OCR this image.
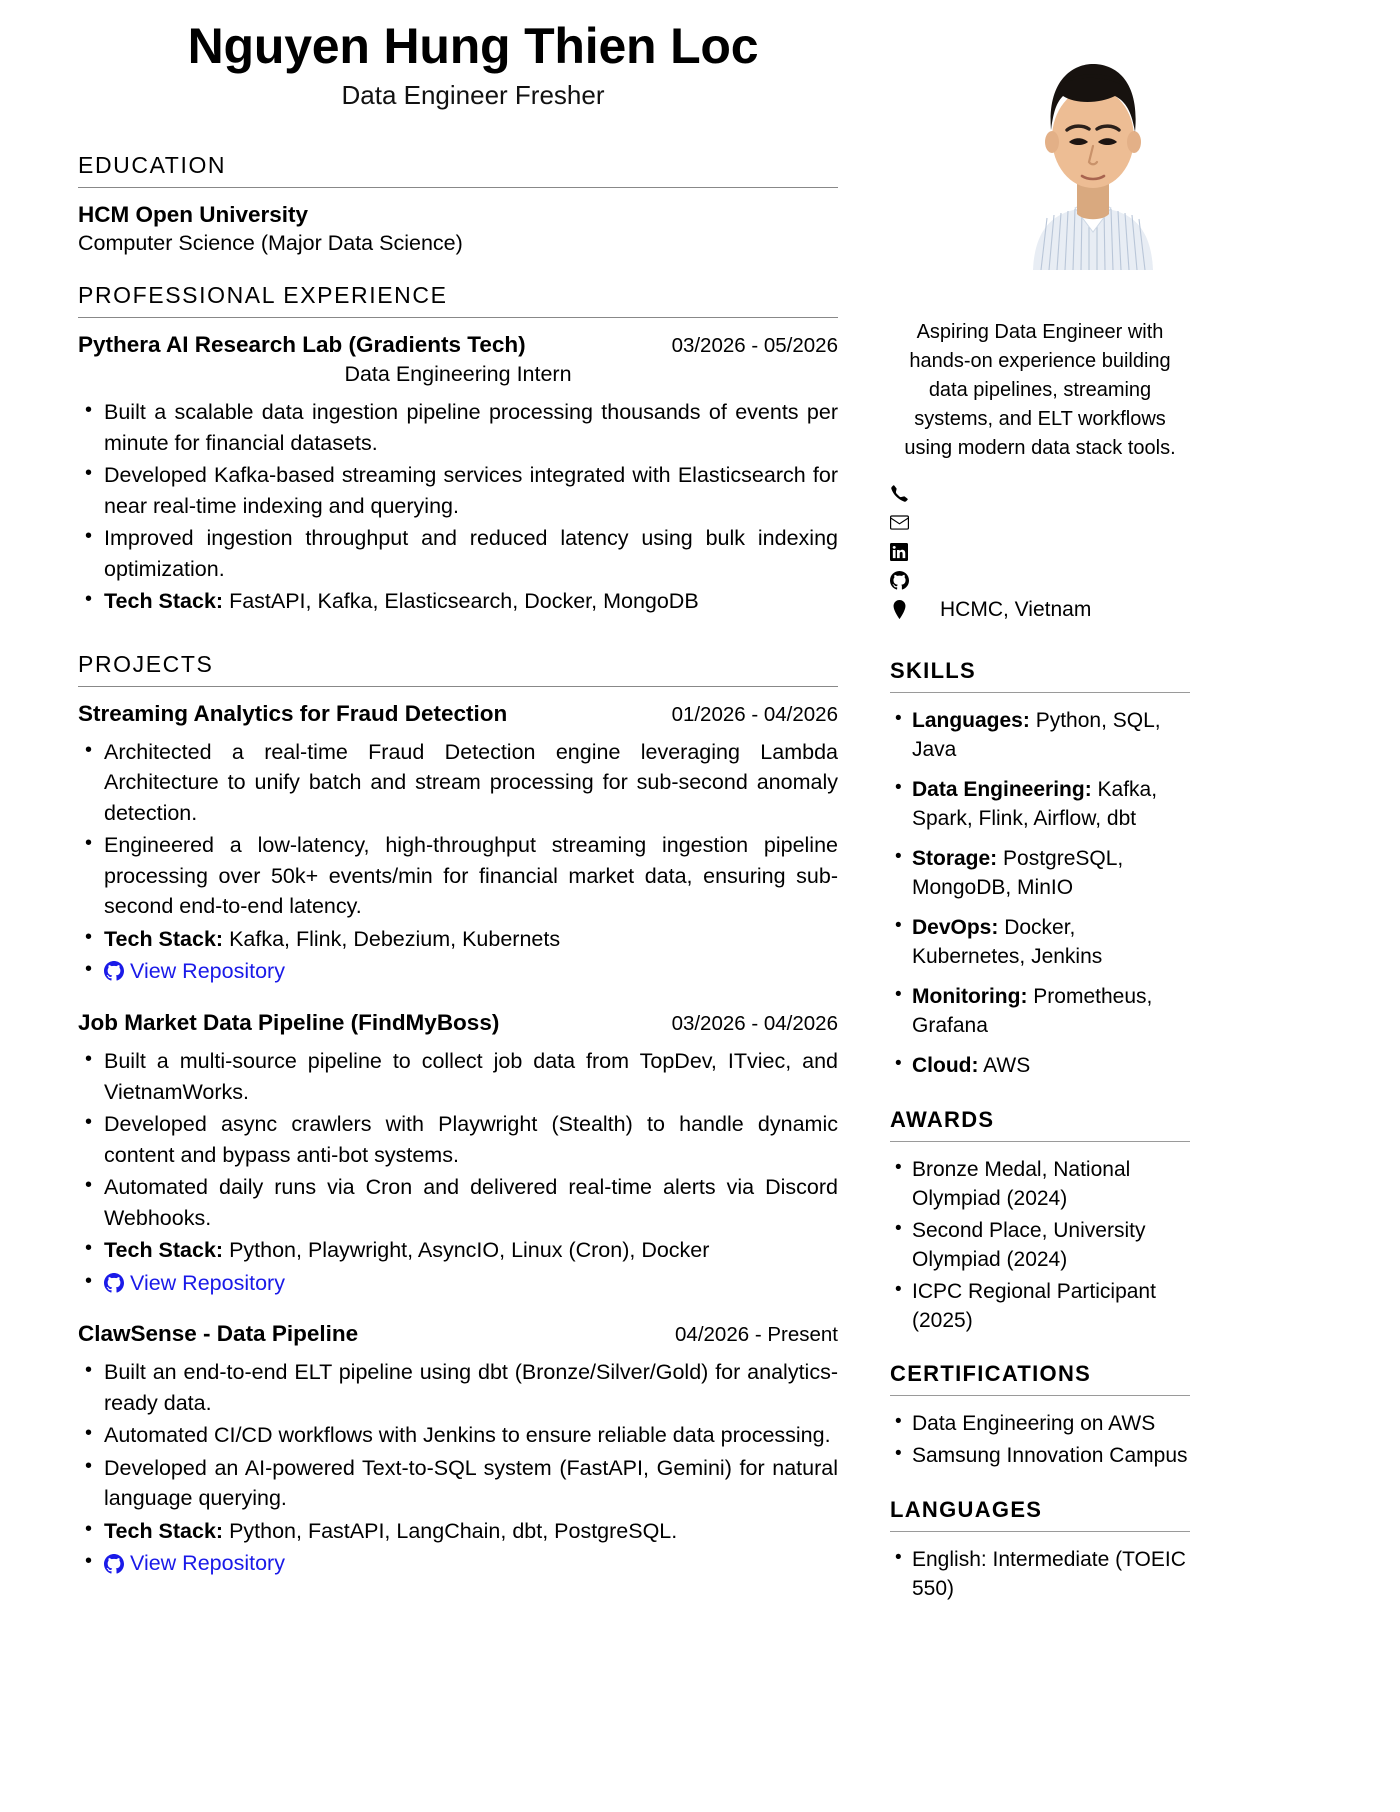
Nguyen Hung Thien Loc
Data Engineer Fresher
EDUCATION
HCM Open University
Computer Science (Major Data Science)
PROFESSIONAL EXPERIENCE
Pythera AI Research Lab (Gradients Tech)	03/2026 - 05/2026
Data Engineering Intern
• Built a scalable data ingestion pipeline processing thousands of events per minute for financial datasets.
• Developed Kafka-based streaming services integrated with Elasticsearch for near real-time indexing and querying.
• Improved ingestion throughput and reduced latency using bulk indexing optimization.
• Tech Stack: FastAPI, Kafka, Elasticsearch, Docker, MongoDB
PROJECTS
Streaming Analytics for Fraud Detection	01/2026 - 04/2026
• Architected a real-time Fraud Detection engine leveraging Lambda Architecture to unify batch and stream processing for sub-second anomaly detection.
• Engineered a low-latency, high-throughput streaming ingestion pipeline processing over 50k+ events/min for financial market data, ensuring sub-second end-to-end latency.
• Tech Stack: Kafka, Flink, Debezium, Kubernets
• View Repository
Job Market Data Pipeline (FindMyBoss)	03/2026 - 04/2026
• Built a multi-source pipeline to collect job data from TopDev, ITviec, and VietnamWorks.
• Developed async crawlers with Playwright (Stealth) to handle dynamic content and bypass anti-bot systems.
• Automated daily runs via Cron and delivered real-time alerts via Discord Webhooks.
• Tech Stack: Python, Playwright, AsyncIO, Linux (Cron), Docker
• View Repository
ClawSense - Data Pipeline	04/2026 - Present
• Built an end-to-end ELT pipeline using dbt (Bronze/Silver/Gold) for analytics-ready data.
• Automated CI/CD workflows with Jenkins to ensure reliable data processing.
• Developed an AI-powered Text-to-SQL system (FastAPI, Gemini) for natural language querying.
• Tech Stack: Python, FastAPI, LangChain, dbt, PostgreSQL.
• View Repository
Aspiring Data Engineer with hands-on experience building data pipelines, streaming systems, and ELT workflows using modern data stack tools.
HCMC, Vietnam
SKILLS
• Languages: Python, SQL, Java
• Data Engineering: Kafka, Spark, Flink, Airflow, dbt
• Storage: PostgreSQL, MongoDB, MinIO
• DevOps: Docker, Kubernetes, Jenkins
• Monitoring: Prometheus, Grafana
• Cloud: AWS
AWARDS
• Bronze Medal, National Olympiad (2024)
• Second Place, University Olympiad (2024)
• ICPC Regional Participant (2025)
CERTIFICATIONS
• Data Engineering on AWS
• Samsung Innovation Campus
LANGUAGES
• English: Intermediate (TOEIC 550)
